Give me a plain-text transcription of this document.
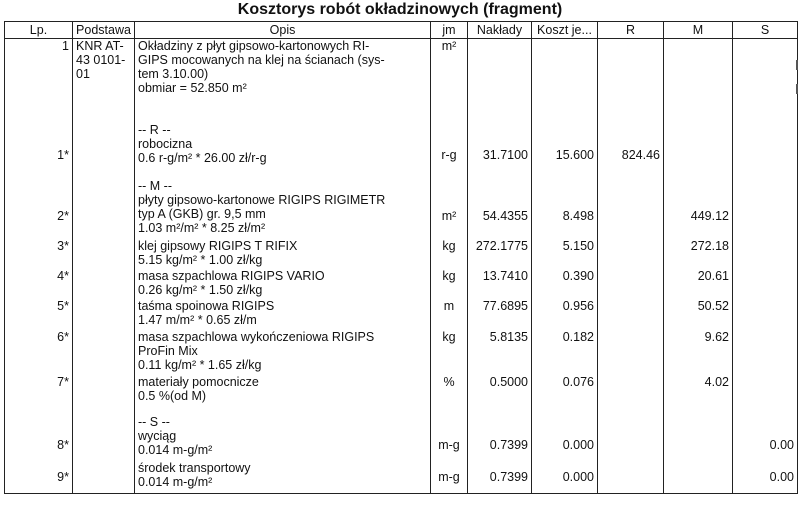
Kosztorys robót okładzinowych (fragment)
Lp.	Podstawa	Opis	jm	Nakłady	Koszt je...	R	M	S
1	KNR AT-
43 0101-
01	Okładziny z płyt gipsowo-kartonowych RI-
GIPS mocowanych na klej na ścianach (sys-
tem 3.10.00)
obmiar = 52.850 m²	m²					
		-- R --						
1*		robocizna
0.6 r-g/m² * 26.00 zł/r-g	r-g	31.7100	15.600	824.46		
		-- M --						
2*		płyty gipsowo-kartonowe RIGIPS RIGIMETR
typ A (GKB) gr. 9,5 mm
1.03 m²/m² * 8.25 zł/m²	m²	54.4355	8.498		449.12	
3*		klej gipsowy RIGIPS T RIFIX
5.15 kg/m² * 1.00 zł/kg	kg	272.1775	5.150		272.18	
4*		masa szpachlowa RIGIPS VARIO
0.26 kg/m² * 1.50 zł/kg	kg	13.7410	0.390		20.61	
5*		taśma spoinowa RIGIPS
1.47 m/m² * 0.65 zł/m	m	77.6895	0.956		50.52	
6*		masa szpachlowa wykończeniowa RIGIPS
ProFin Mix
0.11 kg/m² * 1.65 zł/kg	kg	5.8135	0.182		9.62	
7*		materiały pomocnicze
0.5 %(od M)	%	0.5000	0.076		4.02	
		-- S --						
8*		wyciąg
0.014 m-g/m²	m-g	0.7399	0.000			0.00
9*		środek transportowy
0.014 m-g/m²	m-g	0.7399	0.000			0.00
